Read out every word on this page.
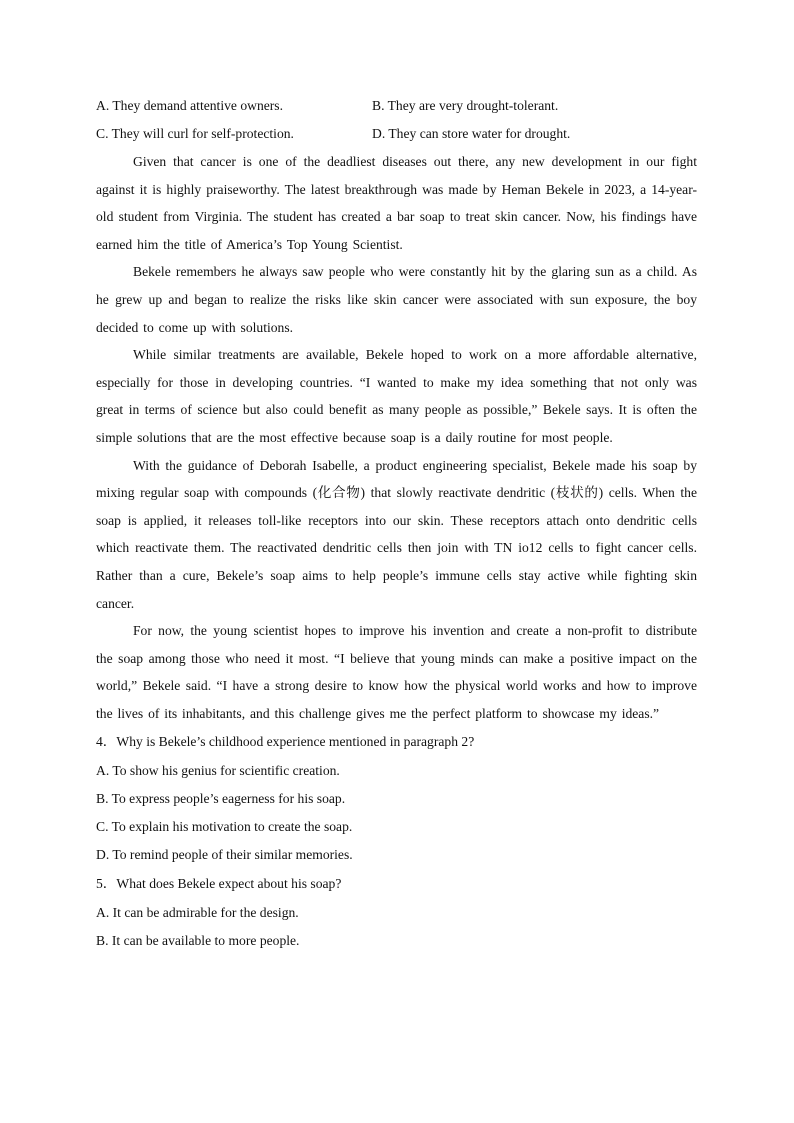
A. They demand attentive owners.	B. They are very drought-tolerant.
C. They will curl for self-protection.	D. They can store water for drought.

Given that cancer is one of the deadliest diseases out there, any new development in our fight against it is highly praiseworthy. The latest breakthrough was made by Heman Bekele in 2023, a 14-year-old student from Virginia. The student has created a bar soap to treat skin cancer. Now, his findings have earned him the title of America’s Top Young Scientist.

Bekele remembers he always saw people who were constantly hit by the glaring sun as a child. As he grew up and began to realize the risks like skin cancer were associated with sun exposure, the boy decided to come up with solutions.

While similar treatments are available, Bekele hoped to work on a more affordable alternative, especially for those in developing countries. “I wanted to make my idea something that not only was great in terms of science but also could benefit as many people as possible,” Bekele says. It is often the simple solutions that are the most effective because soap is a daily routine for most people.

With the guidance of Deborah Isabelle, a product engineering specialist, Bekele made his soap by mixing regular soap with compounds (化合物) that slowly reactivate dendritic (枝状的) cells. When the soap is applied, it releases toll-like receptors into our skin. These receptors attach onto dendritic cells which reactivate them. The reactivated dendritic cells then join with TN io12 cells to fight cancer cells. Rather than a cure, Bekele’s soap aims to help people’s immune cells stay active while fighting skin cancer.

For now, the young scientist hopes to improve his invention and create a non-profit to distribute the soap among those who need it most. “I believe that young minds can make a positive impact on the world,” Bekele said. “I have a strong desire to know how the physical world works and how to improve the lives of its inhabitants, and this challenge gives me the perfect platform to showcase my ideas.”

4．Why is Bekele’s childhood experience mentioned in paragraph 2?

A. To show his genius for scientific creation.

B. To express people’s eagerness for his soap.

C. To explain his motivation to create the soap.

D. To remind people of their similar memories.

5．What does Bekele expect about his soap?

A. It can be admirable for the design.

B. It can be available to more people.
